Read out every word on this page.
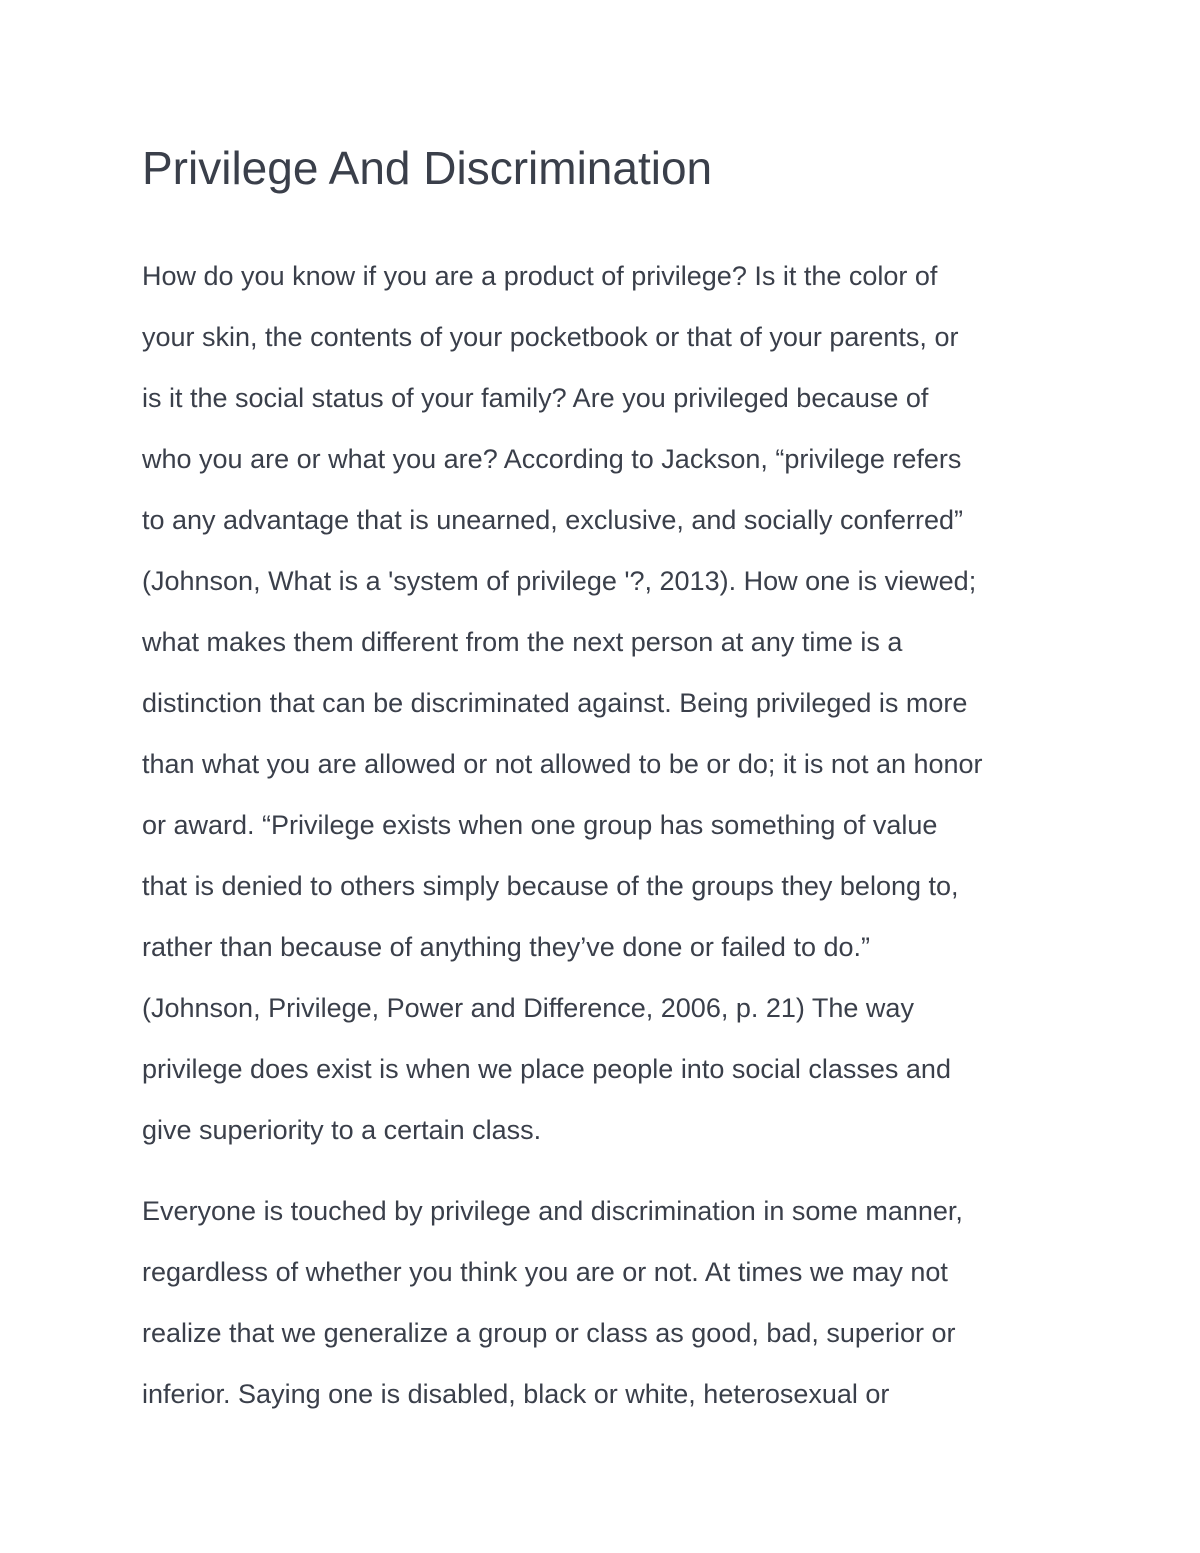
Privilege And Discrimination

How do you know if you are a product of privilege? Is it the color of
your skin, the contents of your pocketbook or that of your parents, or
is it the social status of your family? Are you privileged because of
who you are or what you are? According to Jackson, “privilege refers
to any advantage that is unearned, exclusive, and socially conferred”
(Johnson, What is a 'system of privilege '?, 2013). How one is viewed;
what makes them different from the next person at any time is a
distinction that can be discriminated against. Being privileged is more
than what you are allowed or not allowed to be or do; it is not an honor
or award. “Privilege exists when one group has something of value
that is denied to others simply because of the groups they belong to,
rather than because of anything they’ve done or failed to do.”
(Johnson, Privilege, Power and Difference, 2006, p. 21) The way
privilege does exist is when we place people into social classes and
give superiority to a certain class.

Everyone is touched by privilege and discrimination in some manner,
regardless of whether you think you are or not. At times we may not
realize that we generalize a group or class as good, bad, superior or
inferior. Saying one is disabled, black or white, heterosexual or
